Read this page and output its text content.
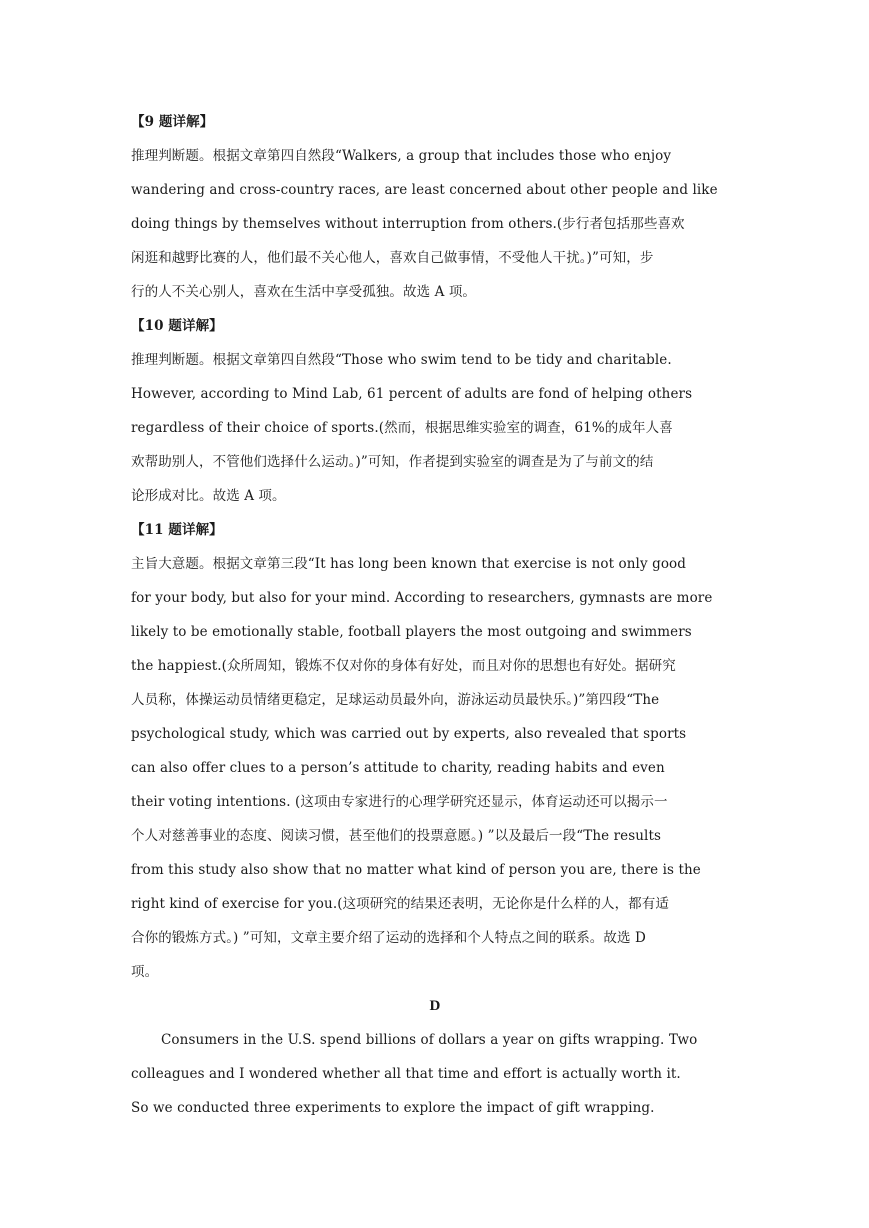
【9 题详解】
推理判断题。根据文章第四自然段“Walkers, a group that includes those who enjoy
wandering and cross-country races, are least concerned about other people and like
doing things by themselves without interruption from others.(步行者包括那些喜欢
闲逛和越野比赛的人，他们最不关心他人，喜欢自己做事情，不受他人干扰。)”可知，步
行的人不关心别人，喜欢在生活中享受孤独。故选 A 项。
【10 题详解】
推理判断题。根据文章第四自然段“Those who swim tend to be tidy and charitable.
However, according to Mind Lab, 61 percent of adults are fond of helping others
regardless of their choice of sports.(然而，根据思维实验室的调查，61%的成年人喜
欢帮助别人，不管他们选择什么运动。)”可知，作者提到实验室的调查是为了与前文的结
论形成对比。故选 A 项。
【11 题详解】
主旨大意题。根据文章第三段“It has long been known that exercise is not only good
for your body, but also for your mind. According to researchers, gymnasts are more
likely to be emotionally stable, football players the most outgoing and swimmers
the happiest.(众所周知，锻炼不仅对你的身体有好处，而且对你的思想也有好处。据研究
人员称，体操运动员情绪更稳定，足球运动员最外向，游泳运动员最快乐。)”第四段“The
psychological study, which was carried out by experts, also revealed that sports
can also offer clues to a person’s attitude to charity, reading habits and even
their voting intentions. (这项由专家进行的心理学研究还显示，体育运动还可以揭示一
个人对慈善事业的态度、阅读习惯，甚至他们的投票意愿。) ”以及最后一段“The results
from this study also show that no matter what kind of person you are, there is the
right kind of exercise for you.(这项研究的结果还表明，无论你是什么样的人，都有适
合你的锻炼方式。) ”可知，文章主要介绍了运动的选择和个人特点之间的联系。故选 D
项。
D
Consumers in the U.S. spend billions of dollars a year on gifts wrapping. Two
colleagues and I wondered whether all that time and effort is actually worth it.
So we conducted three experiments to explore the impact of gift wrapping.
